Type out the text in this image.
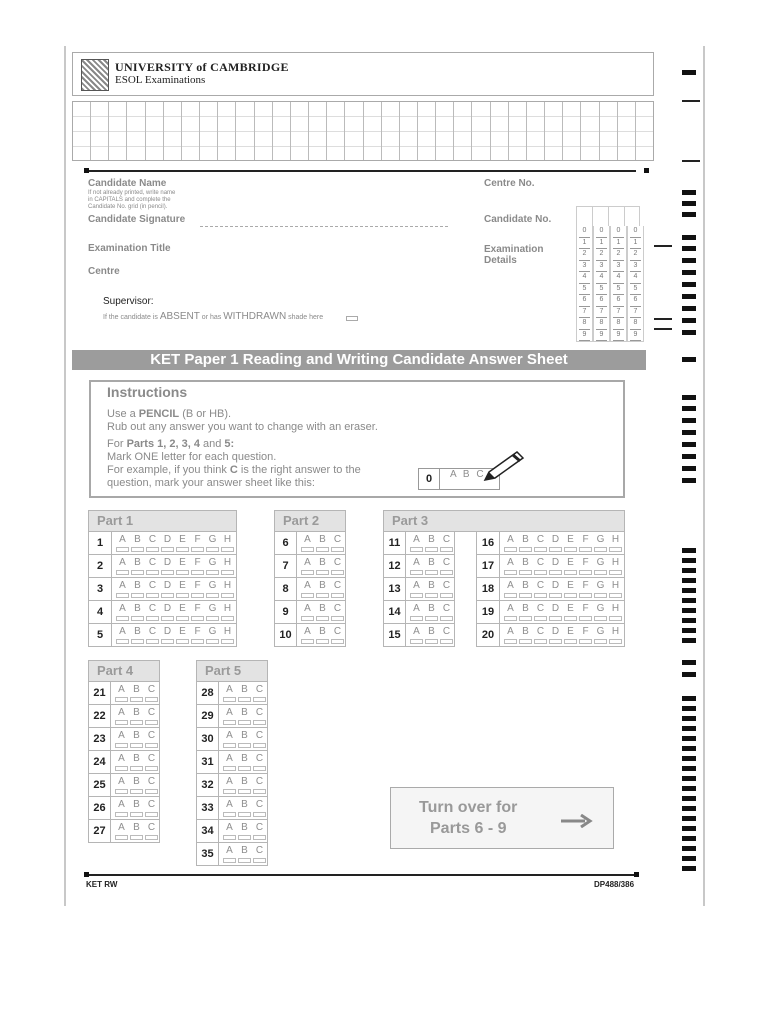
UNIVERSITY of CAMBRIDGE
ESOL Examinations
Candidate Name
If not already printed, write name
in CAPITALS and complete the
Candidate No. grid (in pencil).
Candidate Signature
Examination Title
Centre
Centre No.
Candidate No.
Examination
Details
0
1
2
3
4
5
6
7
8
9
0
1
2
3
4
5
6
7
8
9
0
1
2
3
4
5
6
7
8
9
0
1
2
3
4
5
6
7
8
9
Supervisor:
If the candidate is ABSENT or has WITHDRAWN shade here
KET Paper 1 Reading and Writing Candidate Answer Sheet
Instructions
Use a PENCIL (B or HB).
Rub out any answer you want to change with an eraser.
For Parts 1, 2, 3, 4 and 5:
Mark ONE letter for each question.
For example, if you think C is the right answer to the
question, mark your answer sheet like this:	0	A B C
Part 1
1	A B C D E F G H
2	A B C D E F G H
3	A B C D E F G H
4	A B C D E F G H
5	A B C D E F G H
Part 2
6	A B C
7	A B C
8	A B C
9	A B C
10	A B C
Part 3
11	A B C
12	A B C
13	A B C
14	A B C
15	A B C
16	A B C D E F G H
17	A B C D E F G H
18	A B C D E F G H
19	A B C D E F G H
20	A B C D E F G H
Part 4
21	A B C
22	A B C
23	A B C
24	A B C
25	A B C
26	A B C
27	A B C
Part 5
28	A B C
29	A B C
30	A B C
31	A B C
32	A B C
33	A B C
34	A B C
35	A B C
Turn over for
Parts 6 - 9
KET RW	DP488/386
